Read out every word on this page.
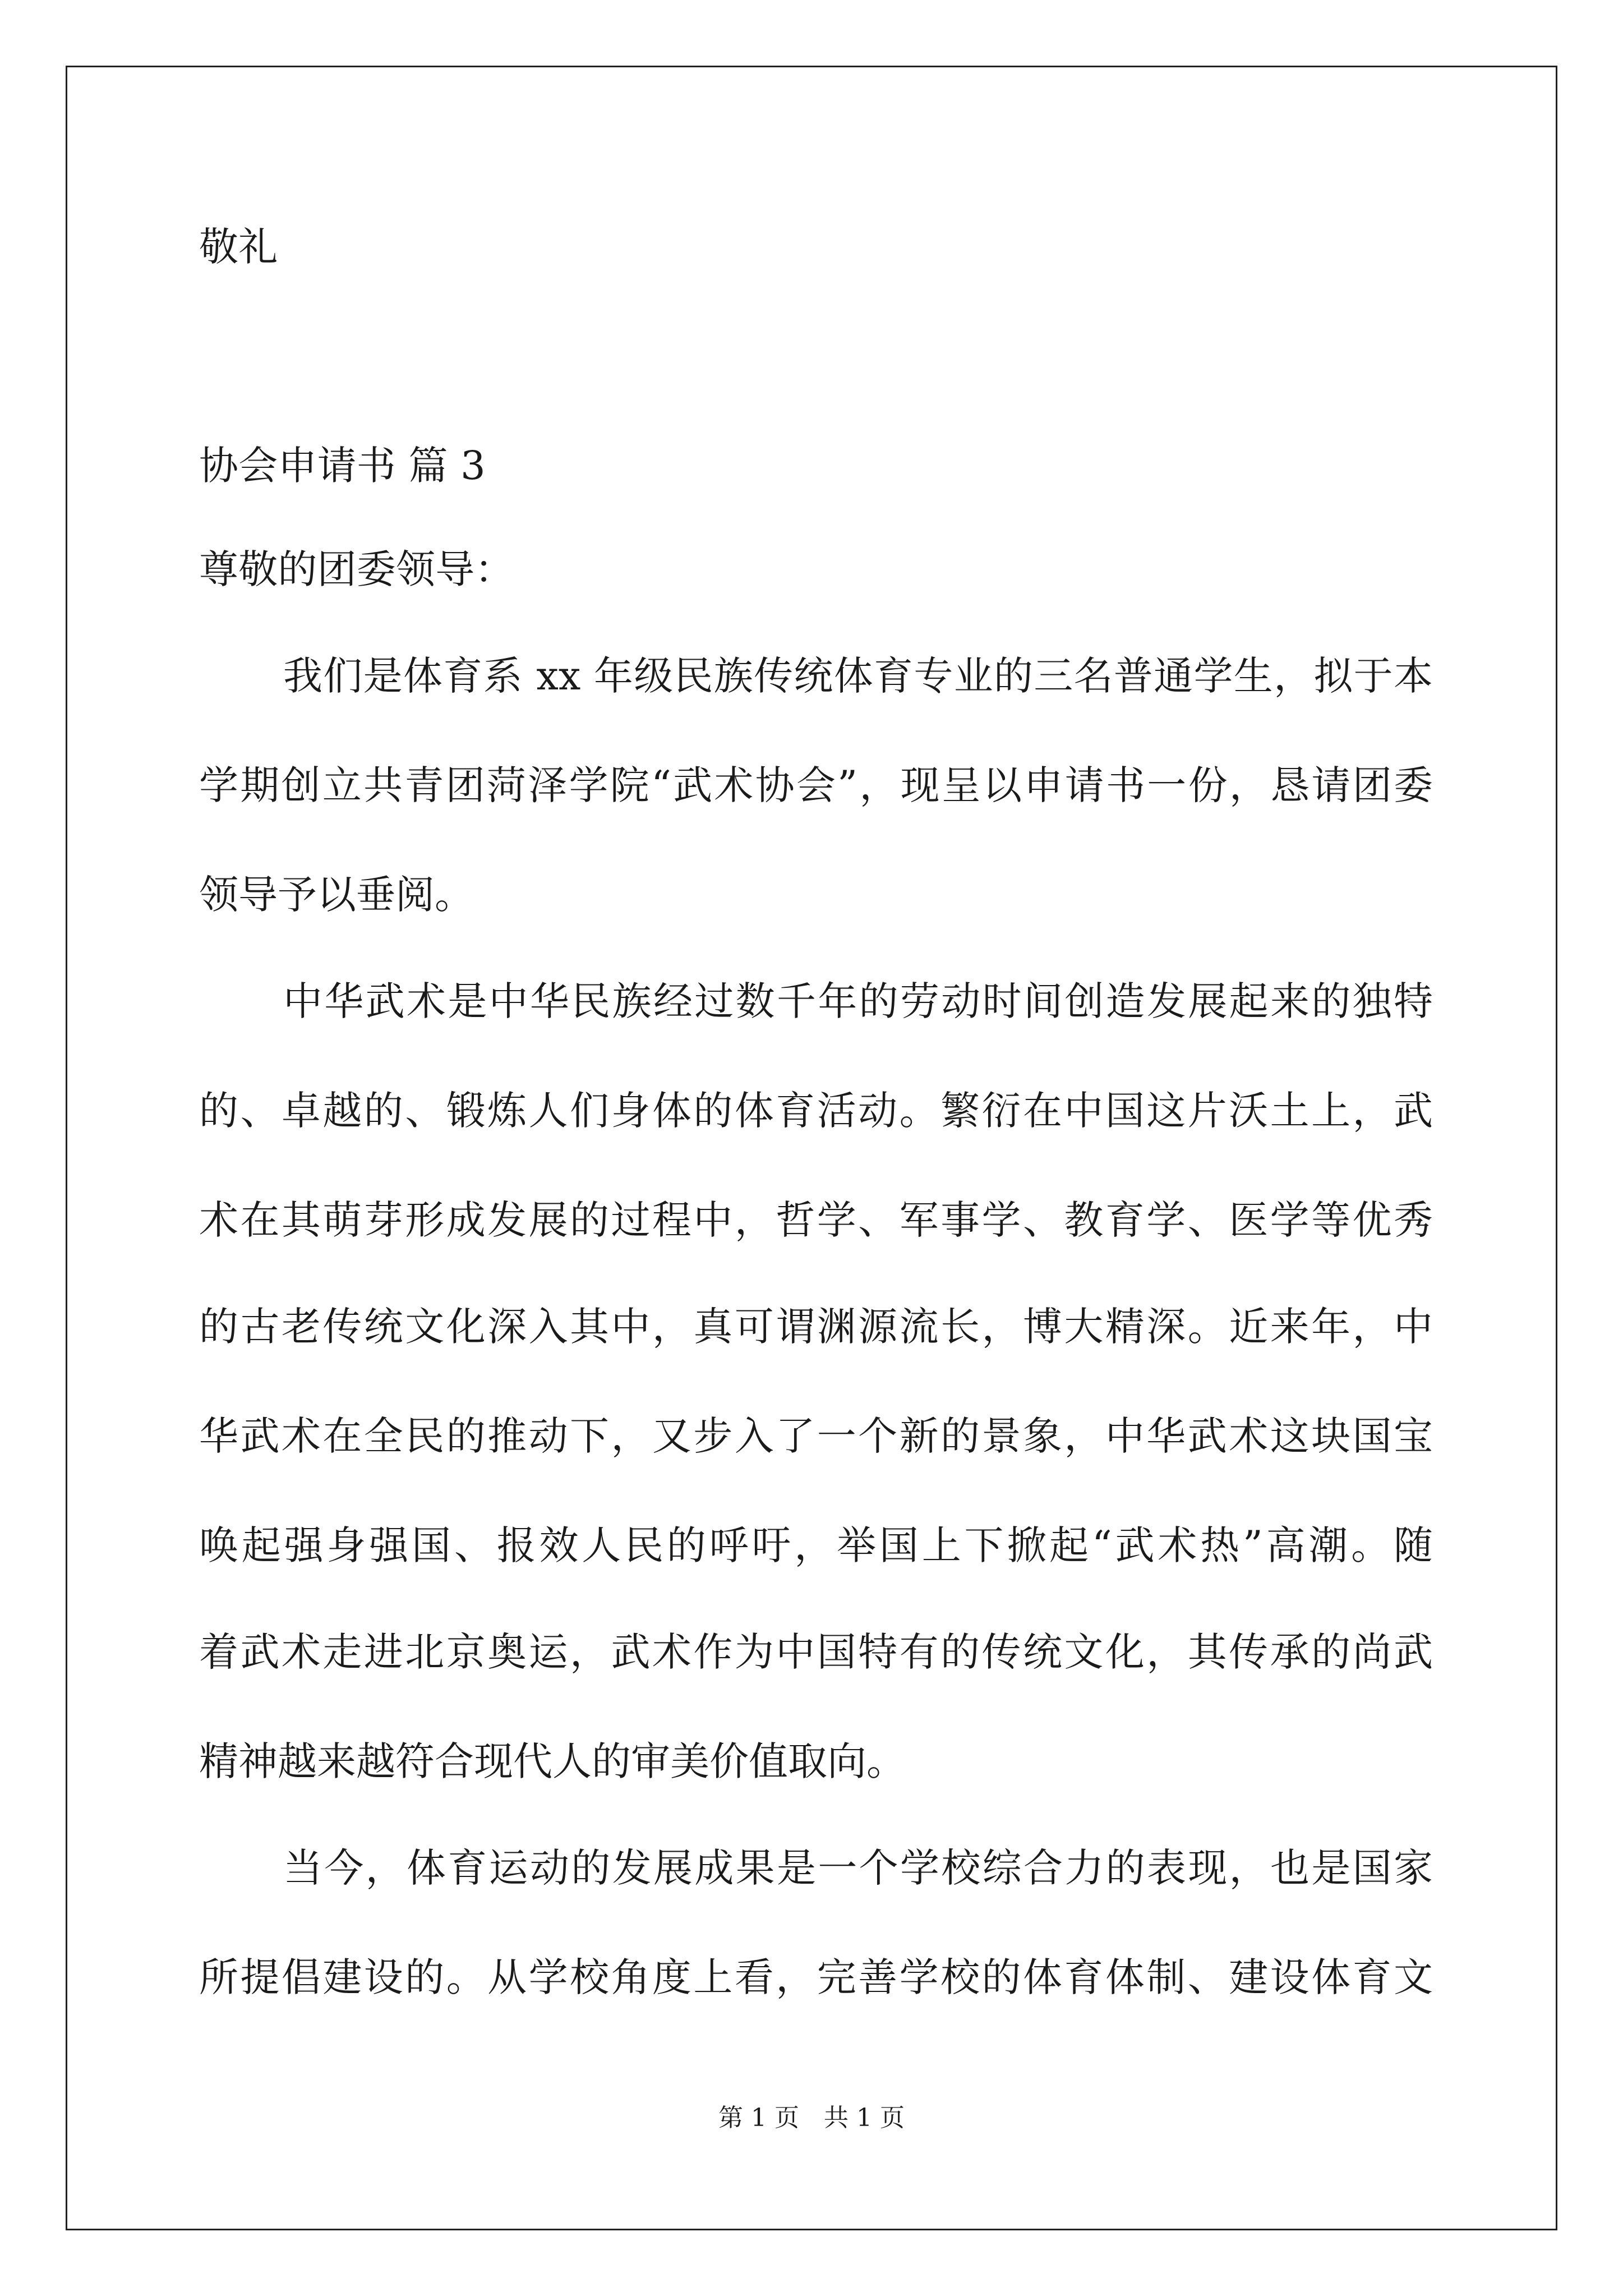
敬礼
协会申请书 篇 3
尊敬的团委领导：
我们是体育系 xx 年级民族传统体育专业的三名普通学生，拟于本
学期创立共青团菏泽学院“武术协会”，现呈以申请书一份，恳请团委
领导予以垂阅。
中华武术是中华民族经过数千年的劳动时间创造发展起来的独特
的、卓越的、锻炼人们身体的体育活动。繁衍在中国这片沃土上，武
术在其萌芽形成发展的过程中，哲学、军事学、教育学、医学等优秀
的古老传统文化深入其中，真可谓渊源流长，博大精深。近来年，中
华武术在全民的推动下，又步入了一个新的景象，中华武术这块国宝
唤起强身强国、报效人民的呼吁，举国上下掀起“武术热”高潮。随
着武术走进北京奥运，武术作为中国特有的传统文化，其传承的尚武
精神越来越符合现代人的审美价值取向。
当今，体育运动的发展成果是一个学校综合力的表现，也是国家
所提倡建设的。从学校角度上看，完善学校的体育体制、建设体育文
第 1 页　共 1 页
